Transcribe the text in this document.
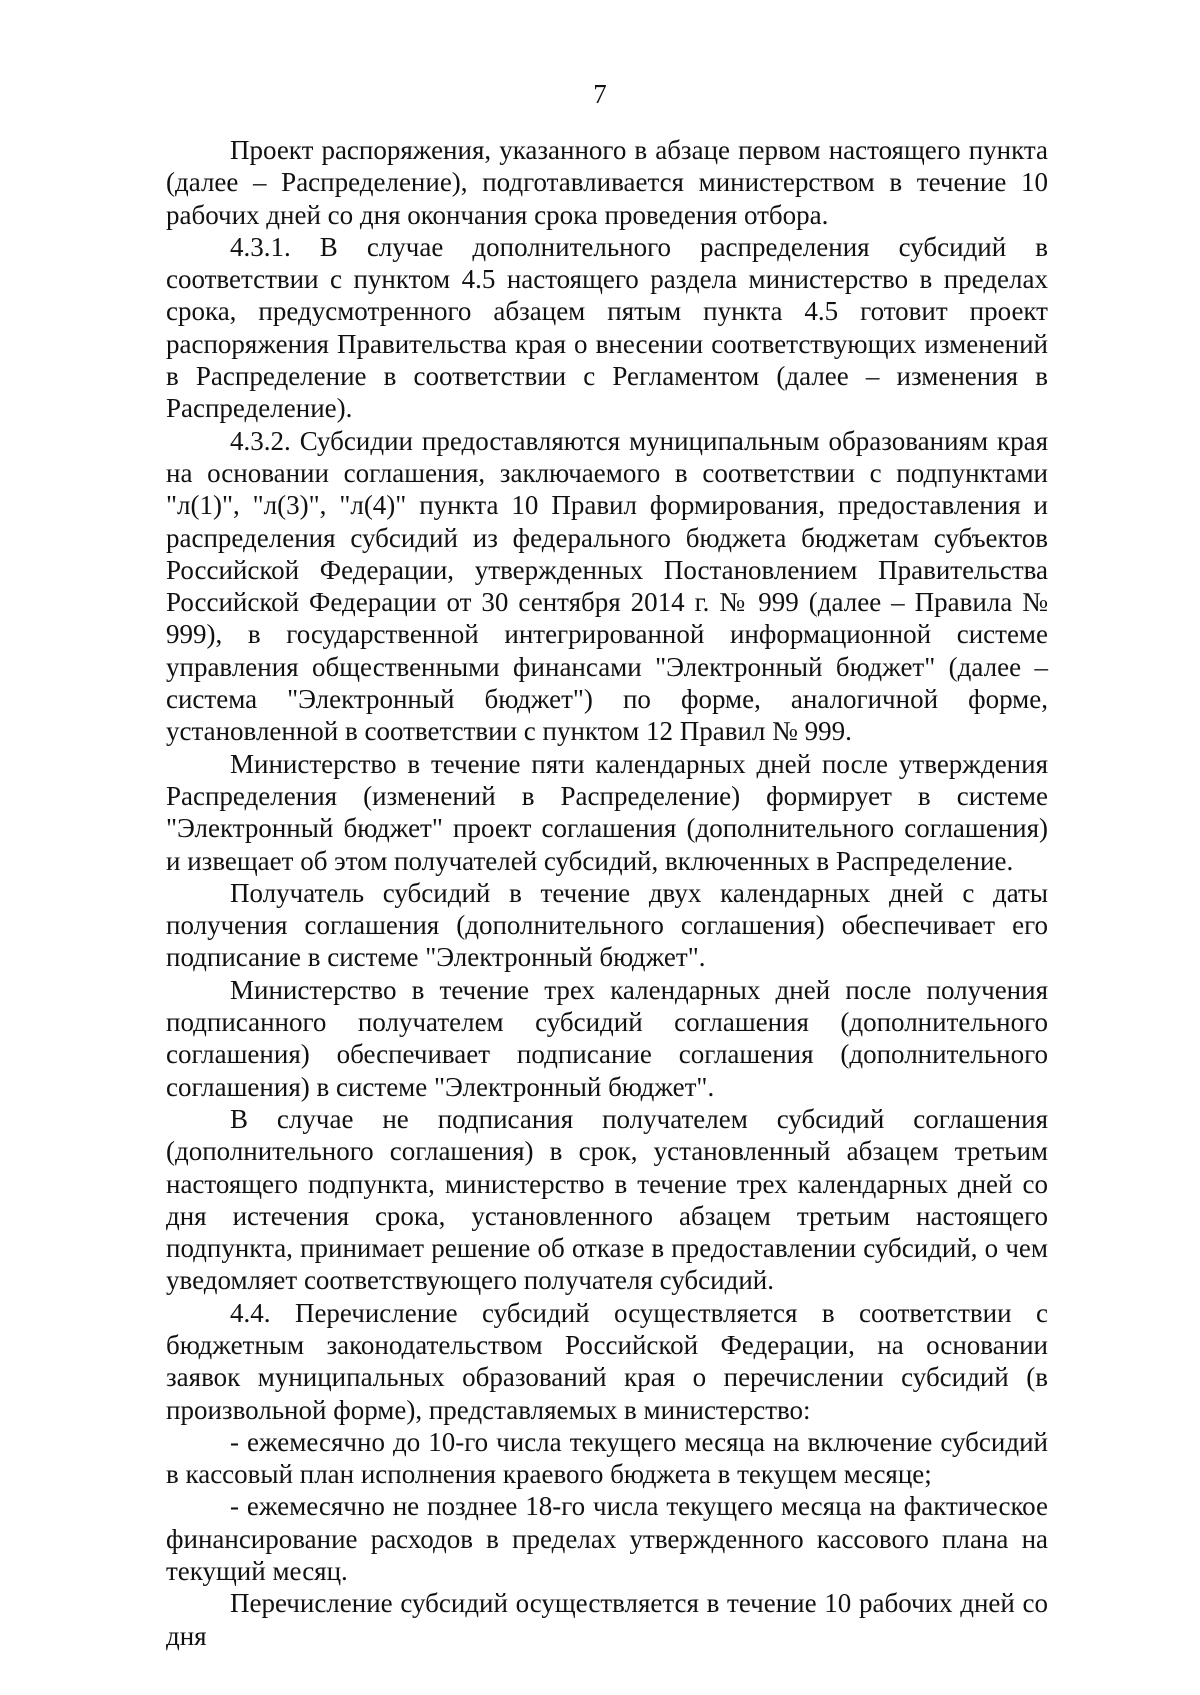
7

Проект распоряжения, указанного в абзаце первом настоящего пункта (далее – Распределение), подготавливается министерством в течение 10 рабочих дней со дня окончания срока проведения отбора.

4.3.1. В случае дополнительного распределения субсидий в соответствии с пунктом 4.5 настоящего раздела министерство в пределах срока, предусмотренного абзацем пятым пункта 4.5 готовит проект распоряжения Правительства края о внесении соответствующих изменений в Распределение в соответствии с Регламентом (далее – изменения в Распределение).

4.3.2. Субсидии предоставляются муниципальным образованиям края на основании соглашения, заключаемого в соответствии с подпунктами "л(1)", "л(3)", "л(4)" пункта 10 Правил формирования, предоставления и распределения субсидий из федерального бюджета бюджетам субъектов Российской Федерации, утвержденных Постановлением Правительства Российской Федерации от 30 сентября 2014 г. № 999 (далее – Правила № 999), в государственной интегрированной информационной системе управления общественными финансами "Электронный бюджет" (далее – система "Электронный бюджет") по форме, аналогичной форме, установленной в соответствии с пунктом 12 Правил № 999.

Министерство в течение пяти календарных дней после утверждения Распределения (изменений в Распределение) формирует в системе "Электронный бюджет" проект соглашения (дополнительного соглашения) и извещает об этом получателей субсидий, включенных в Распределение.

Получатель субсидий в течение двух календарных дней с даты получения соглашения (дополнительного соглашения) обеспечивает его подписание в системе "Электронный бюджет".

Министерство в течение трех календарных дней после получения подписанного получателем субсидий соглашения (дополнительного соглашения) обеспечивает подписание соглашения (дополнительного соглашения) в системе "Электронный бюджет".

В случае не подписания получателем субсидий соглашения (дополнительного соглашения) в срок, установленный абзацем третьим настоящего подпункта, министерство в течение трех календарных дней со дня истечения срока, установленного абзацем третьим настоящего подпункта, принимает решение об отказе в предоставлении субсидий, о чем уведомляет соответствующего получателя субсидий.

4.4. Перечисление субсидий осуществляется в соответствии с бюджетным законодательством Российской Федерации, на основании заявок муниципальных образований края о перечислении субсидий (в произвольной форме), представляемых в министерство:

- ежемесячно до 10-го числа текущего месяца на включение субсидий в кассовый план исполнения краевого бюджета в текущем месяце;

- ежемесячно не позднее 18-го числа текущего месяца на фактическое финансирование расходов в пределах утвержденного кассового плана на текущий месяц.

Перечисление субсидий осуществляется в течение 10 рабочих дней со дня
